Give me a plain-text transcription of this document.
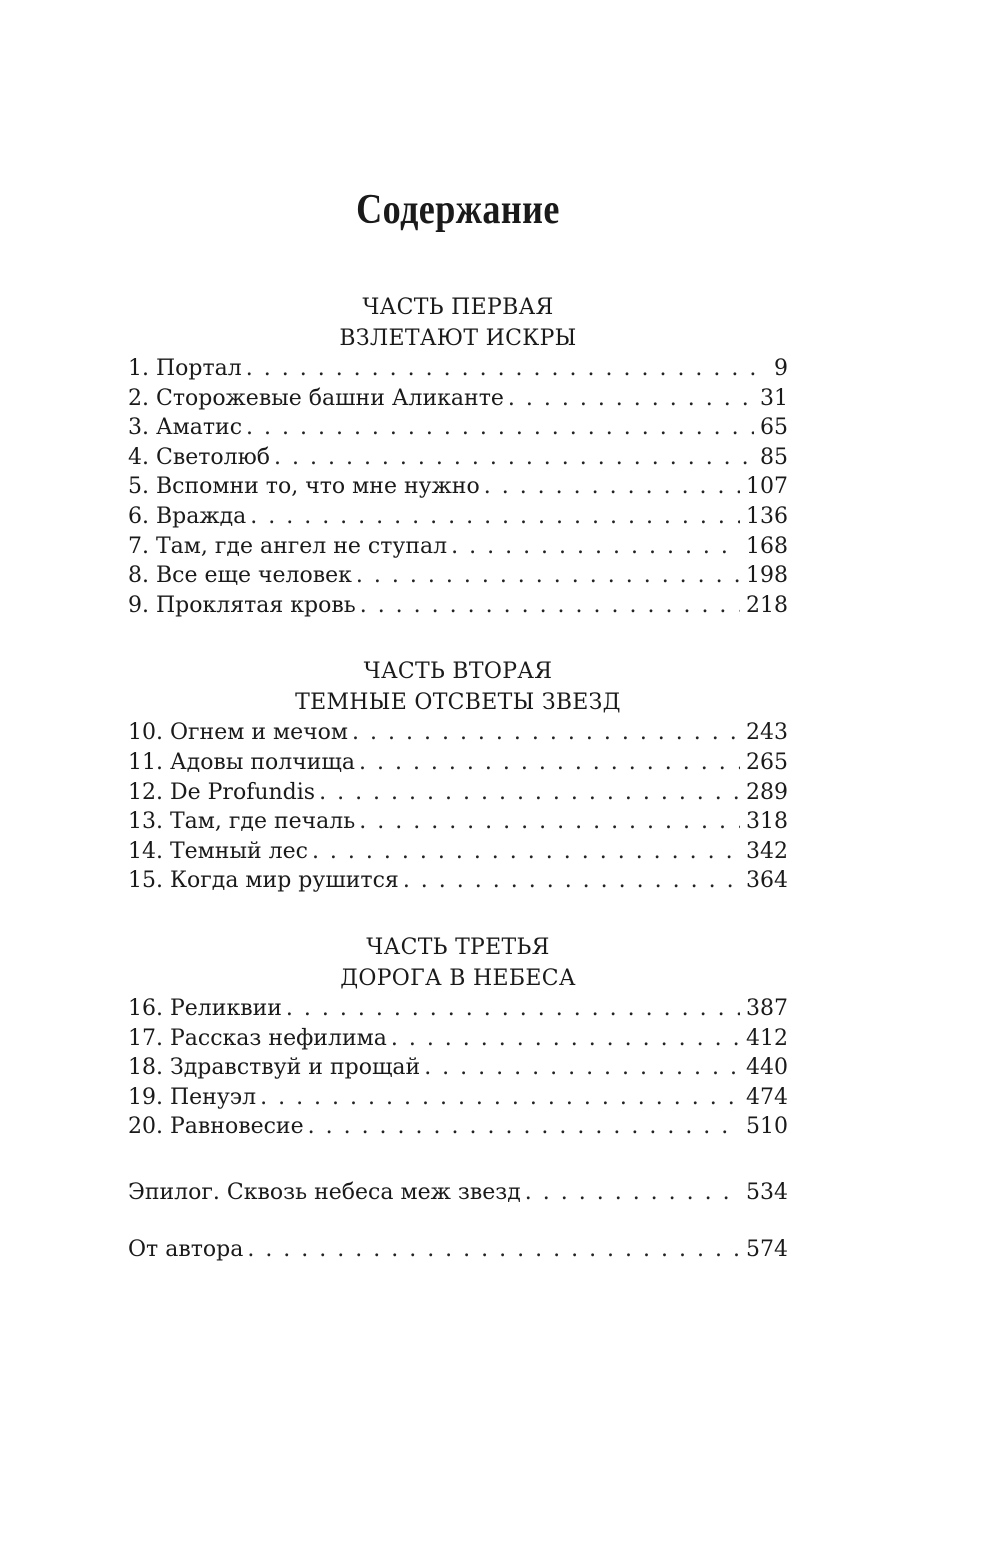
Содержание
ЧАСТЬ ПЕРВАЯ
ВЗЛЕТАЮТ ИСКРЫ
1. Портал . . .	9
2. Сторожевые башни Аликанте . . .	31
3. Аматис . . .	65
4. Светолюб . . .	85
5. Вспомни то, что мне нужно . . .	107
6. Вражда . . .	136
7. Там, где ангел не ступал . . .	168
8. Все еще человек . . .	198
9. Проклятая кровь . . .	218
ЧАСТЬ ВТОРАЯ
ТЕМНЫЕ ОТСВЕТЫ ЗВЕЗД
10. Огнем и мечом . . .	243
11. Адовы полчища . . .	265
12. De Profundis . . .	289
13. Там, где печаль . . .	318
14. Темный лес . . .	342
15. Когда мир рушится . . .	364
ЧАСТЬ ТРЕТЬЯ
ДОРОГА В НЕБЕСА
16. Реликвии . . .	387
17. Рассказ нефилима . . .	412
18. Здравствуй и прощай . . .	440
19. Пенуэл . . .	474
20. Равновесие . . .	510
Эпилог. Сквозь небеса меж звезд . . .	534
От автора . . .	574
